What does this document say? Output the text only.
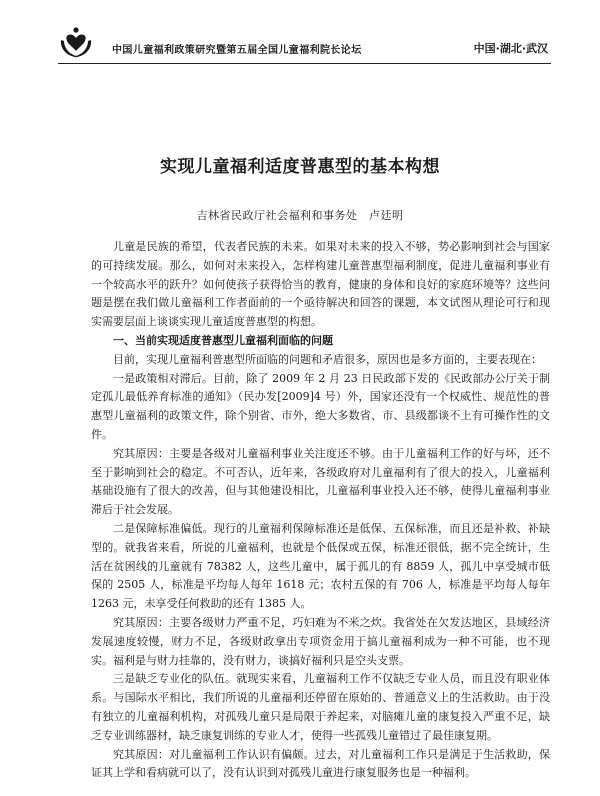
中国儿童福利政策研究暨第五届全国儿童福利院长论坛	中国·湖北·武汉
实现儿童福利适度普惠型的基本构想
吉林省民政厅社会福利和事务处　卢廷明

儿童是民族的希望，代表者民族的未来。如果对未来的投入不够，势必影响到社会与国家的可持续发展。那么，如何对未来投入，怎样构建儿童普惠型福利制度，促进儿童福利事业有一个较高水平的跃升？如何使孩子获得恰当的教育，健康的身体和良好的家庭环境等？这些问题是摆在我们做儿童福利工作者面前的一个亟待解决和回答的课题，本文试图从理论可行和现实需要层面上谈谈实现儿童适度普惠型的构想。

一、当前实现适度普惠型儿童福利面临的问题

目前，实现儿童福利普惠型所面临的问题和矛盾很多，原因也是多方面的，主要表现在：

一是政策相对滞后。目前，除了 2009 年 2 月 23 日民政部下发的《民政部办公厅关于制定孤儿最低养育标准的通知》（民办发[2009]4 号）外，国家还没有一个权威性、规范性的普惠型儿童福利的政策文件，除个别省、市外，绝大多数省、市、县级都谈不上有可操作性的文件。

究其原因：主要是各级对儿童福利事业关注度还不够。由于儿童福利工作的好与坏，还不至于影响到社会的稳定。不可否认，近年来，各级政府对儿童福利有了很大的投入，儿童福利基础设施有了很大的改善，但与其他建设相比，儿童福利事业投入还不够，使得儿童福利事业滞后于社会发展。

二是保障标准偏低。现行的儿童福利保障标准还是低保、五保标准，而且还是补救、补缺型的。就我省来看，所说的儿童福利，也就是个低保或五保，标准还很低，据不完全统计，生活在贫困线的儿童就有 78382 人，这些儿童中，属于孤儿的有 8859 人，孤儿中享受城市低保的 2505 人，标准是平均每人每年 1618 元；农村五保的有 706 人，标准是平均每人每年 1263 元，未享受任何救助的还有 1385 人。

究其原因：主要各级财力严重不足，巧妇难为不米之炊。我省处在欠发达地区，县域经济发展速度较慢，财力不足，各级财政拿出专项资金用于搞儿童福利成为一种不可能，也不现实。福利是与财力挂靠的，没有财力，谈搞好福利只是空头支票。

三是缺乏专业化的队伍。就现实来看，儿童福利工作不仅缺乏专业人员，而且没有职业体系。与国际水平相比，我们所说的儿童福利还停留在原始的、普通意义上的生活救助。由于没有独立的儿童福利机构，对孤残儿童只是局限于养起来，对脑瘫儿童的康复投入严重不足，缺乏专业训练器材，缺乏康复训练的专业人才，使得一些孤残儿童错过了最佳康复期。

究其原因：对儿童福利工作认识有偏颇。过去，对儿童福利工作只是满足于生活救助，保证其上学和看病就可以了，没有认识到对孤残儿童进行康复服务也是一种福利。
